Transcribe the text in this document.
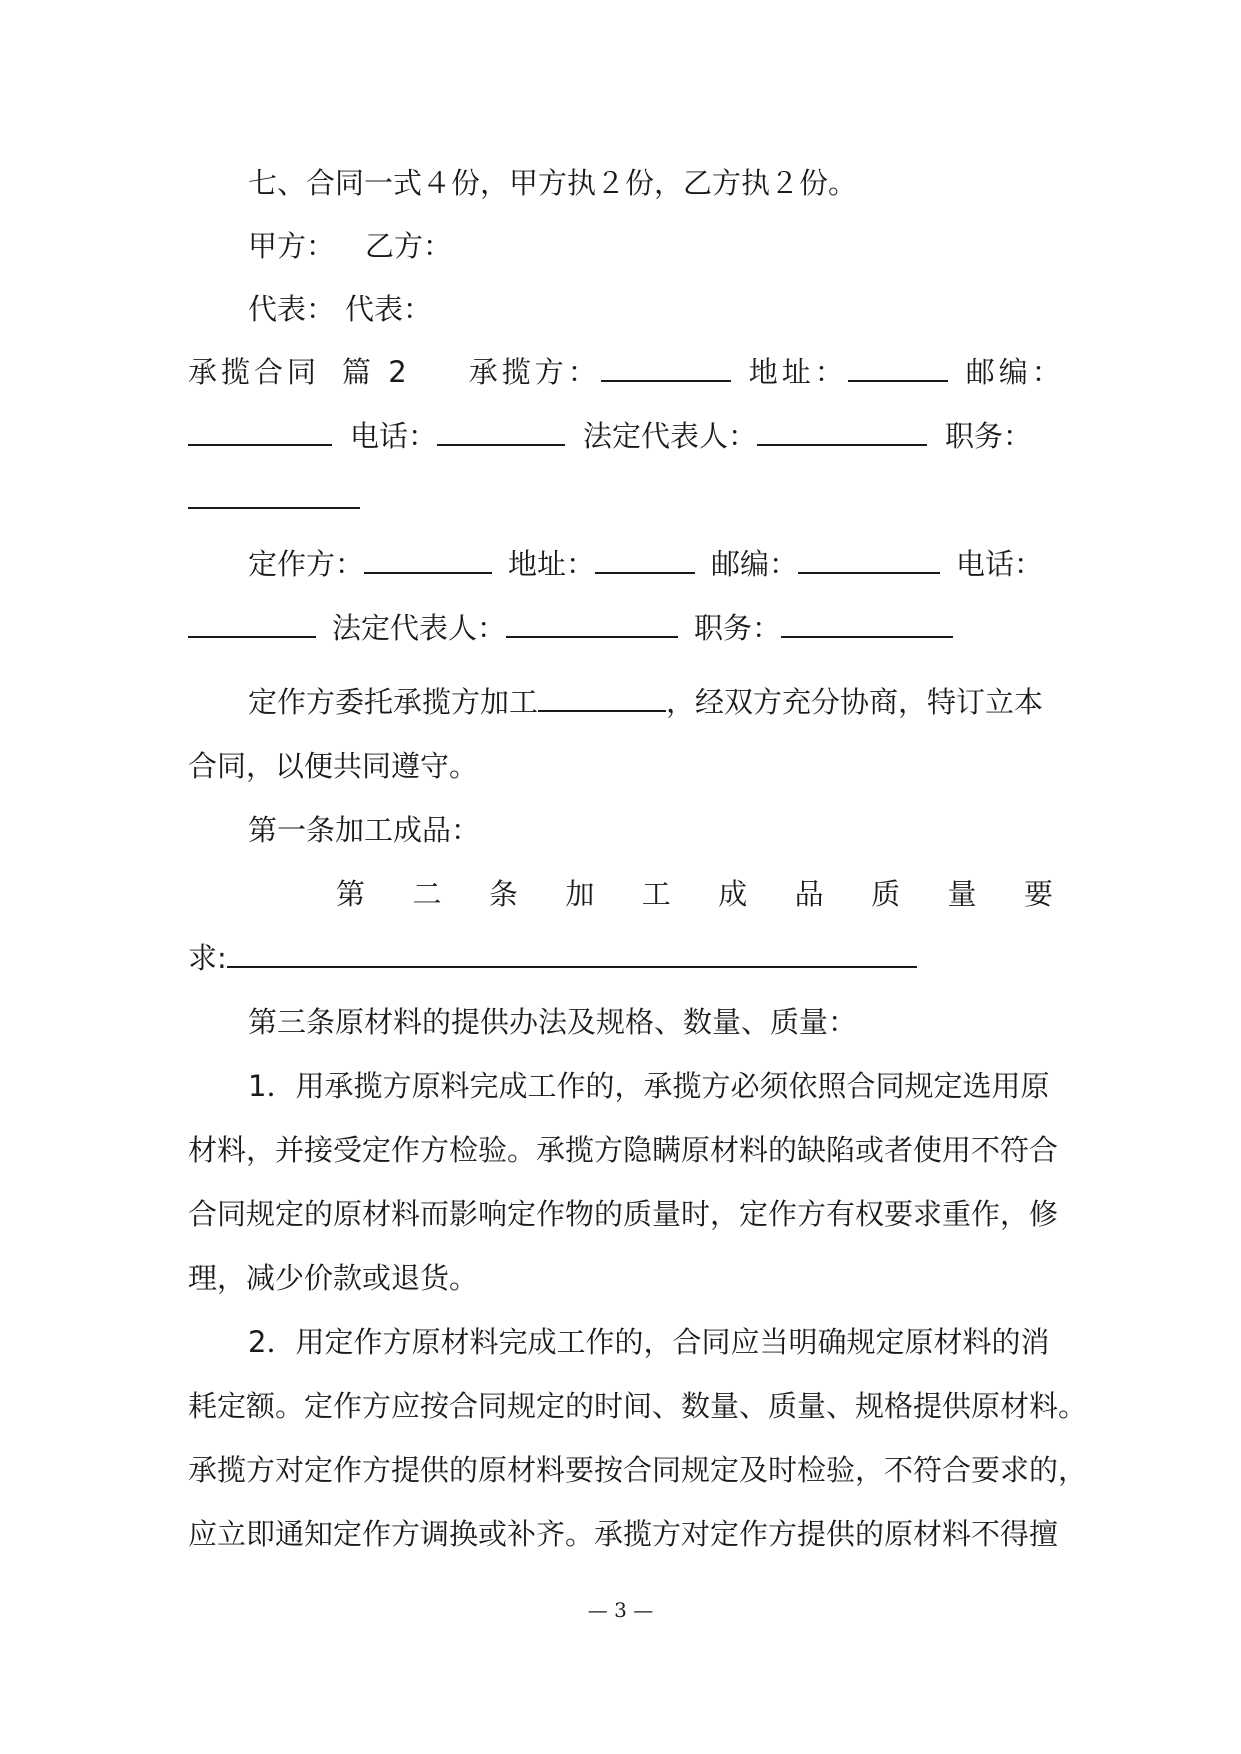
七、合同一式４份，甲方执２份，乙方执２份。
甲方： 乙方：
代表： 代表：
承揽合同 篇 2 承揽方：	地址：	邮编：
电话：	法定代表人：	职务：
定作方：	地址：	邮编：	电话：
法定代表人：	职务：
定作方委托承揽方加工	，经双方充分协商，特订立本
合同，以便共同遵守。
第一条加工成品：
第 二 条 加 工 成 品 质 量 要
求:
第三条原材料的提供办法及规格、数量、质量：
1．用承揽方原料完成工作的，承揽方必须依照合同规定选用原
材料，并接受定作方检验。承揽方隐瞒原材料的缺陷或者使用不符合
合同规定的原材料而影响定作物的质量时，定作方有权要求重作，修
理，减少价款或退货。
2．用定作方原材料完成工作的，合同应当明确规定原材料的消
耗定额。定作方应按合同规定的时间、数量、质量、规格提供原材料。
承揽方对定作方提供的原材料要按合同规定及时检验，不符合要求的，
应立即通知定作方调换或补齐。承揽方对定作方提供的原材料不得擅
— 3 —
